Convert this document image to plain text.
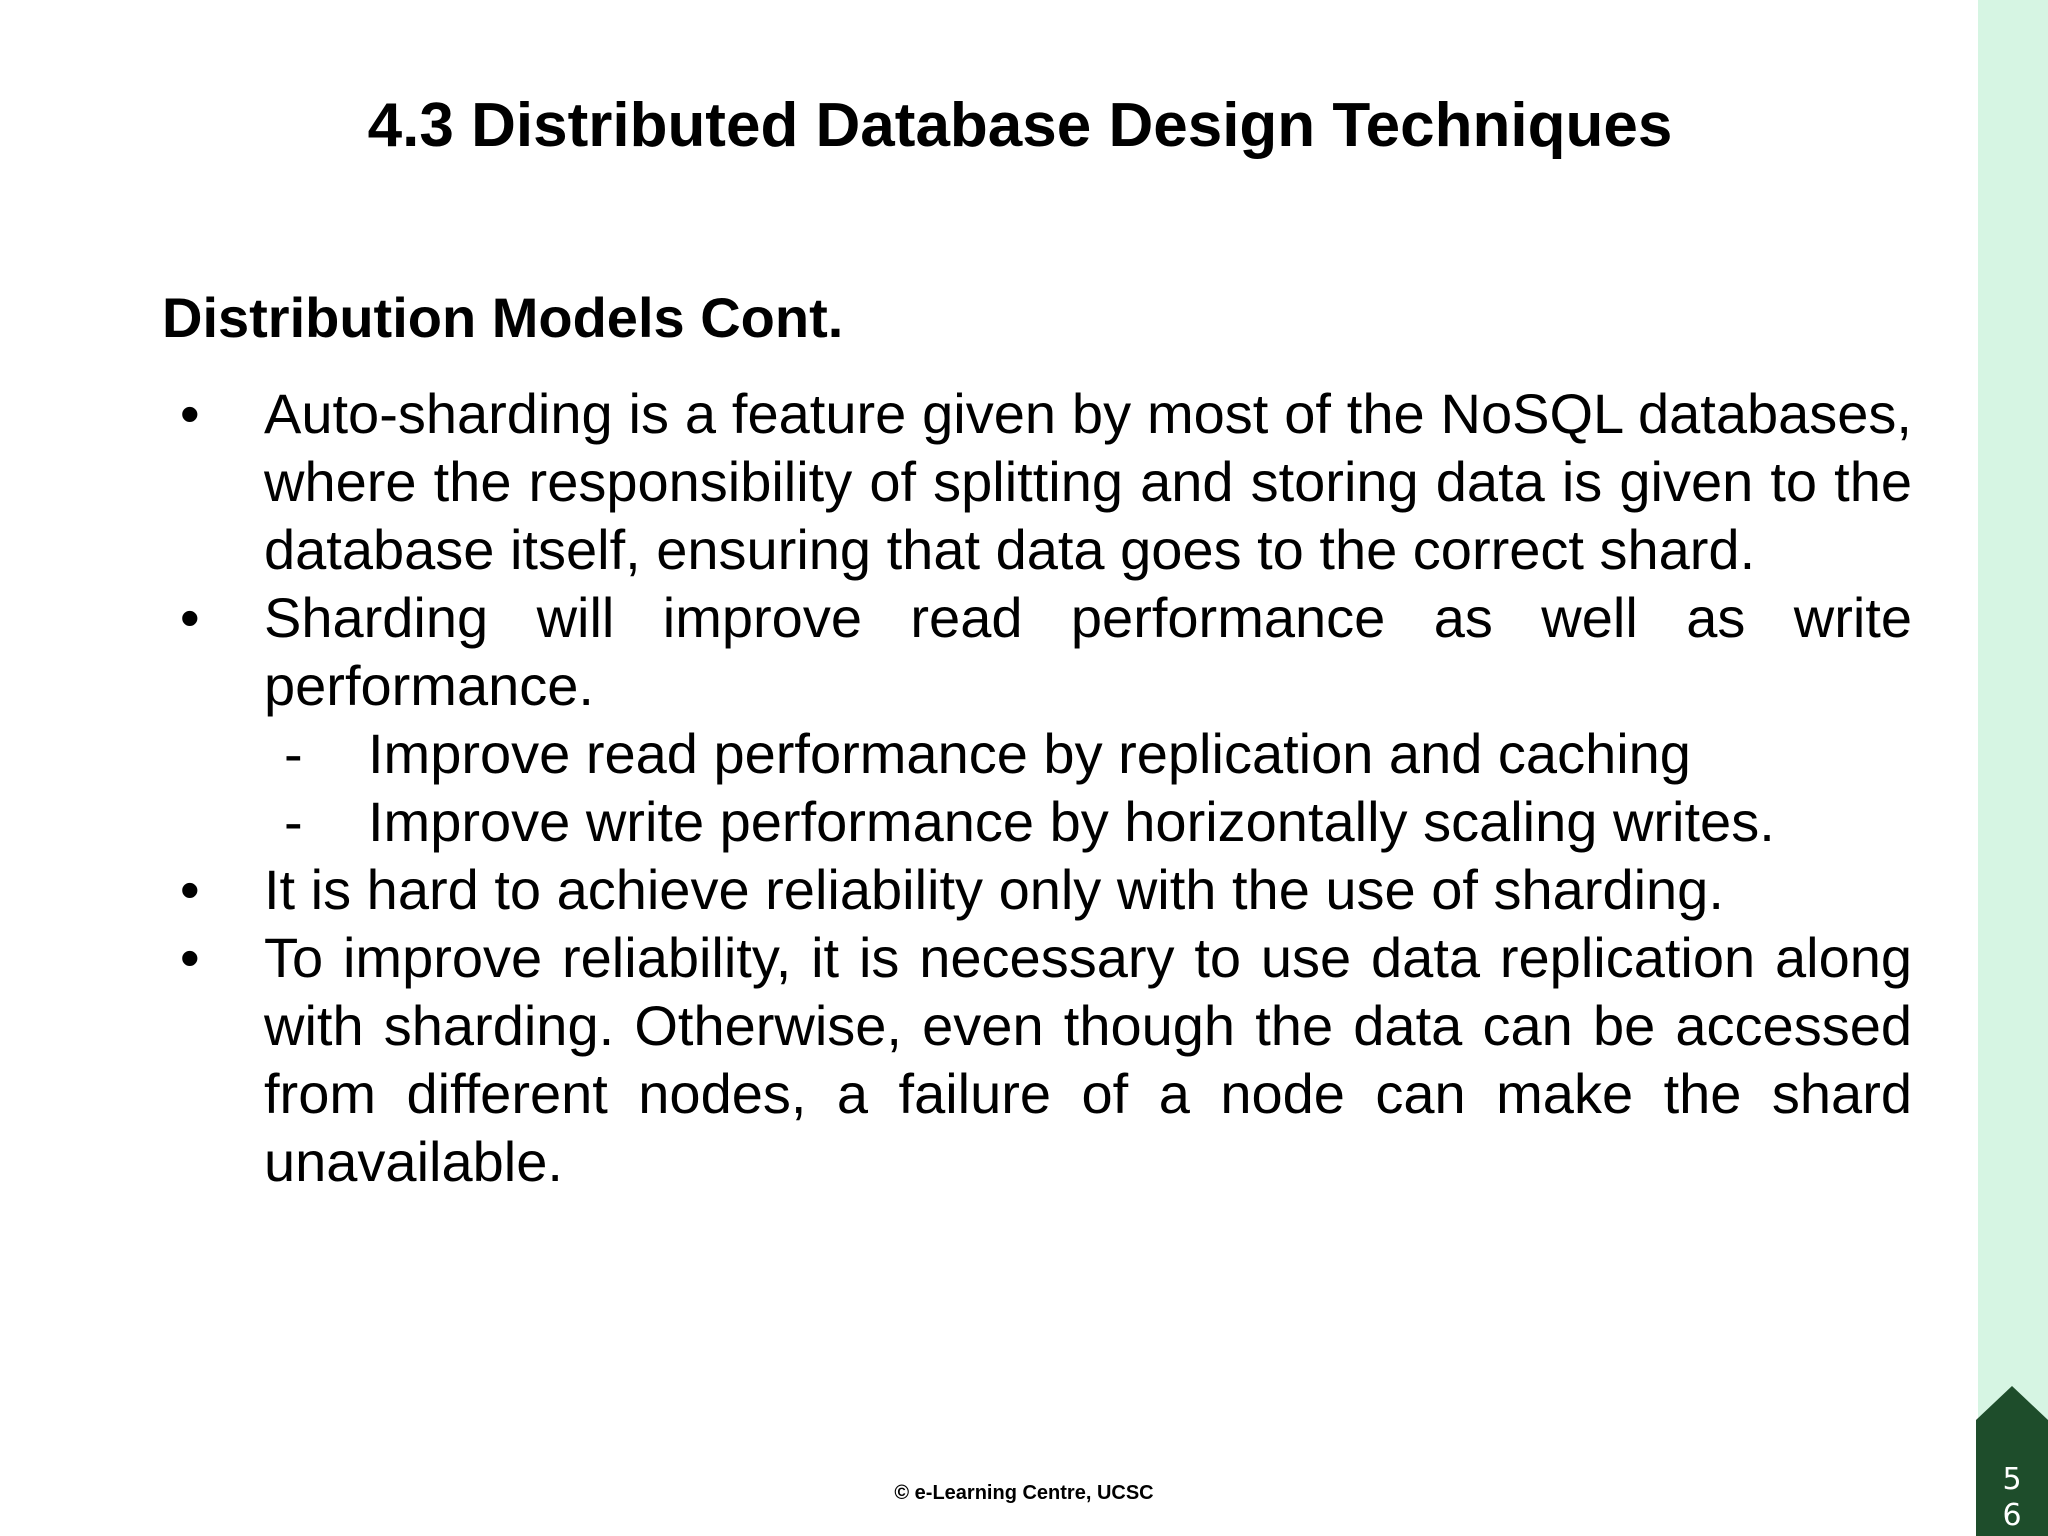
5
6
4.3 Distributed Database Design Techniques
Distribution Models Cont.
• Auto-sharding is a feature given by most of the NoSQL databases, where the responsibility of splitting and storing data is given to the database itself, ensuring that data goes to the correct shard.
• Sharding will improve read performance as well as write performance.
- Improve read performance by replication and caching
- Improve write performance by horizontally scaling writes.
• It is hard to achieve reliability only with the use of sharding.
• To improve reliability, it is necessary to use data replication along with sharding. Otherwise, even though the data can be accessed from different nodes, a failure of a node can make the shard unavailable.
© e-Learning Centre, UCSC
